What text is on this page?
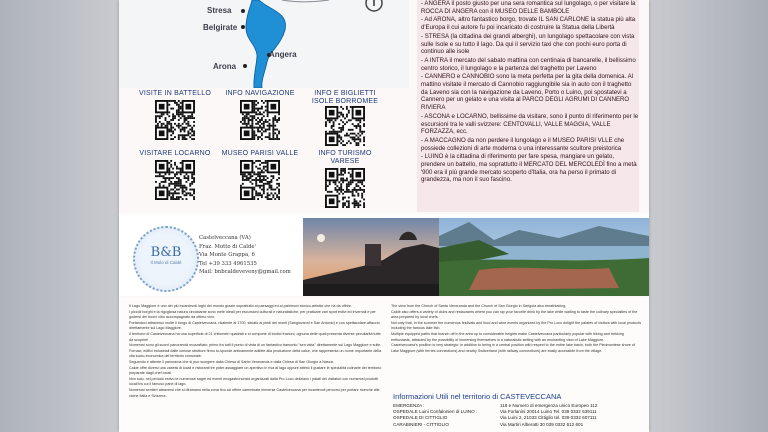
Stresa
Belgirate
Angera
Arona
VISITE IN BATTELLO	INFO NAVIGAZIONE	INFO E BIGLIETTI ISOLE BORROMEE
VISITARE LOCARNO	MUSEO PARISI VALLE	INFO TURISMO VARESE

- ANGERA il posto giusto per una sera romantica sul lungolago, o per visitare la ROCCA DI ANGERA con il MUSEO DELLE BAMBOLE

- Ad ARONA, altro fantastico borgo, trovate IL SAN CARLONE la statua più alta d'Europa il cui autore fu poi incaricato di costruire la Statua della Libertà

- STRESA (la cittadina dei grandi alberghi), un lungolago spettacolare con vista sulle Isole e su tutto il lago. Da qui il servizio taxi che con pochi euro porta di continuo alle isole

- A INTRA il mercato del sabato mattina con centinaia di bancarelle, il bellissimo centro storico, il lungolago e la partenza del traghetto per Laveno

- CANNERO e CANNOBIO sono la meta perfetta per la gita della domenica. Al mattino visitate il mercato di Cannobio raggiungibile sia in auto con il traghetto da Laveno sia con la navigazione da Laveno, Porto o Luino, poi spostatevi a Cannero per un gelato e una visita al PARCO DEGLI AGRUMI DI CANNERO RIVIERA

- ASCONA e LOCARNO, bellissime da visitare, sono il punto di riferimento per le escursioni tra le valli svizzere: CENTOVALLI, VALLE MAGGIA, VALLE FORZAZZA, ecc.

- A MACCAGNO da non perdere il lungolago e il MUSEO PARISI VLLE che possiede collezioni di arte moderna o una interessante scultore preistorica

- LUINO è la cittadina di riferimento per fare spesa, mangiare un gelato, prendere un battello, ma soprattutto il MERCATO DEL MERCOLEDÌ fino a metà '900 era il più grande mercato scoperto d'Italia, ora ha perso il primato di grandezza, ma non il suo fascino.

B&B
Il Molo di Caldé
Castelveccana (VA)
Fraz. Motto di Calde'
Via Monte Grappa, 6
Tel +39 333 4961535
Mail: bnbcaldeveveny@gmail.com

Il Lago Maggiore è uno dei più incantevoli laghi del mondo grazie soprattutto ai paesaggi ed ai patrimoni storico-artistici che ha da offrire.

I piccoli borghi e la rigogliosa natura circostante sono mete ideali per escursioni culturali e naturalistiche, per praticare vari sport estivi ed invernali e per godersi dei buoni cibo accompagnato da ottimo vino.

Portandoci attraverso molte il borgo di Castelveccana, risalente al 1700, situato ai piedi dei monti (Sangiovanni e San Antonio) e con spettacolare affaccio direttamente sul Lago Maggiore.

Il territorio di Castelveccana ha una superficie di 21 chilometri quadrati e si compone di trodici frazioni, ognuna delle quali presenta diverse peculiarità tutte da scoprire!

Numerosi sono gli scorci panoramici mozzafiato: primo fra tutti il punto di vista di un fantastico tramonto "sen vista" direttamente sul Lago Maggiore e sulle Fornaci, edifici industriali dalle curiose strutture firmo to-sponde anticamente adibite alla produzione della calce, che rappresenta un nome importante della vita socio-economica del territorio comunale.

Seguendo e attente il panorama che si puo scorgere dalla Chiesa di Santo Veneranda e dalla Chiesa di San Giorgio a Nasca.

Calde offre diversi una varietà di locali e ristoranti tre poter assaggiare un aperitivo in riva al lago oppure attimo il gustare le specialità culinarie del territorio preparate dagli chef locali.

Non solo, nel periodo estivo le numerose sagre ed eventi enogastronomici organizzati dalla Pro Loco deliziano i palati dei visitatori con numerosi prodotti locali tra cui il famoso pane di lago.

Numerosi sentieri attraversi che si diramano nella zona fino ad offrire camminate immerse Castelveccana per incantevoli percorsi per portare ricerche alle vicine Italia e Svizzera.

The view from the Church of Santa Veneranda and the Church of San Giorgio in Sarigola also breathtaking.

Caldè also offers a variety of clubs and restaurants where you can sip your favorite drink by the lake while waiting to taste the culinary specialties of the area prepared by local chefs.

Not only that, in the summer the numerous festivals and food and wine events organized by the Pro Loco delight the palates of visitors with local products including the famous lake fish.

Multiple equipped paths that branch off in the area up to considerable heights make Castelveccana particularly popular with hiking and trekking enthusiasts, attracted by the possibility of immersing themselves in a naturalistic setting with an enchanting view of Lake Maggiore.

Castelveccana's position is very strategic: in addition to being in a central position with respect to the entire lake basin, both the Piedmontese shore of Lake Maggiore (with ferries connections) and nearby Switzerland (with railway connections) are easily accessible from the village.

Informazioni Utili nel territorio di CASTEVECCANA
EMERGENZA :	118 e Numero di emergenza unico Europeo 112
OSPEDALE Luini Confalonieri di LUINO :	Via Forlanini 20014 Luino Tel. 039 0332 539111
OSPEDALE DI CITTIGLIO	Via Luini 2, 21033 Cittiglio tel. 039 0332 607111
CARABINIERI - CITTIGLIO	Via Martiri Alberatti 30 039 0332 612 601
